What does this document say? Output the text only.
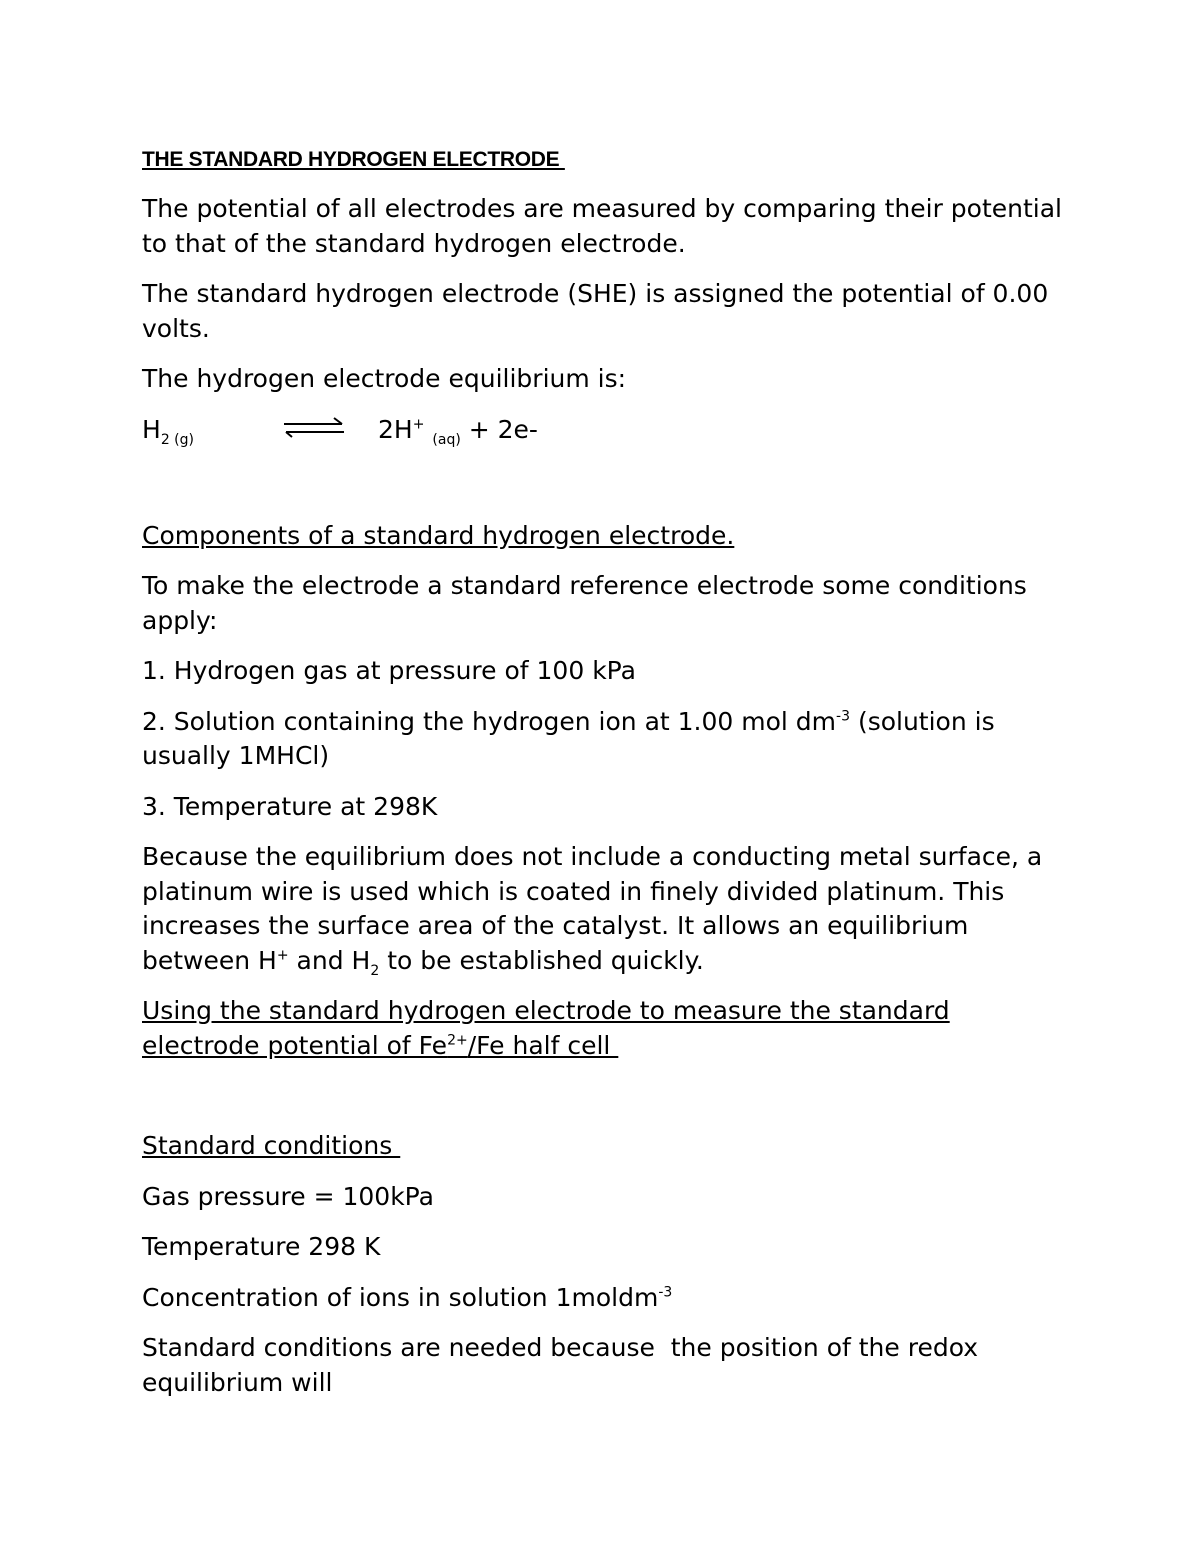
THE STANDARD HYDROGEN ELECTRODE

The potential of all electrodes are measured by comparing their potential to that of the standard hydrogen electrode.

The standard hydrogen electrode (SHE) is assigned the potential of 0.00 volts.

The hydrogen electrode equilibrium is:

$H_{2 (g)}$ ⇌ 2H+ $_{(aq)}$ + 2e-

Components of a standard hydrogen electrode.

To make the electrode a standard reference electrode some conditions apply:

1. Hydrogen gas at pressure of 100 kPa

2. Solution containing the hydrogen ion at 1.00 mol $dm^{-3}$ (solution is usually 1MHCl)

3. Temperature at 298K

Because the equilibrium does not include a conducting metal surface, a platinum wire is used which is coated in finely divided platinum. This increases the surface area of the catalyst. It allows an equilibrium between H+ and $H_2$ to be established quickly.

Using the standard hydrogen electrode to measure the standard electrode potential of $Fe^{2+}/Fe$ half cell

Standard conditions

Gas pressure = 100kPa

Temperature 298 K

Concentration of ions in solution 1moldm$^{-3}$

Standard conditions are needed because  the position of the redox equilibrium will
